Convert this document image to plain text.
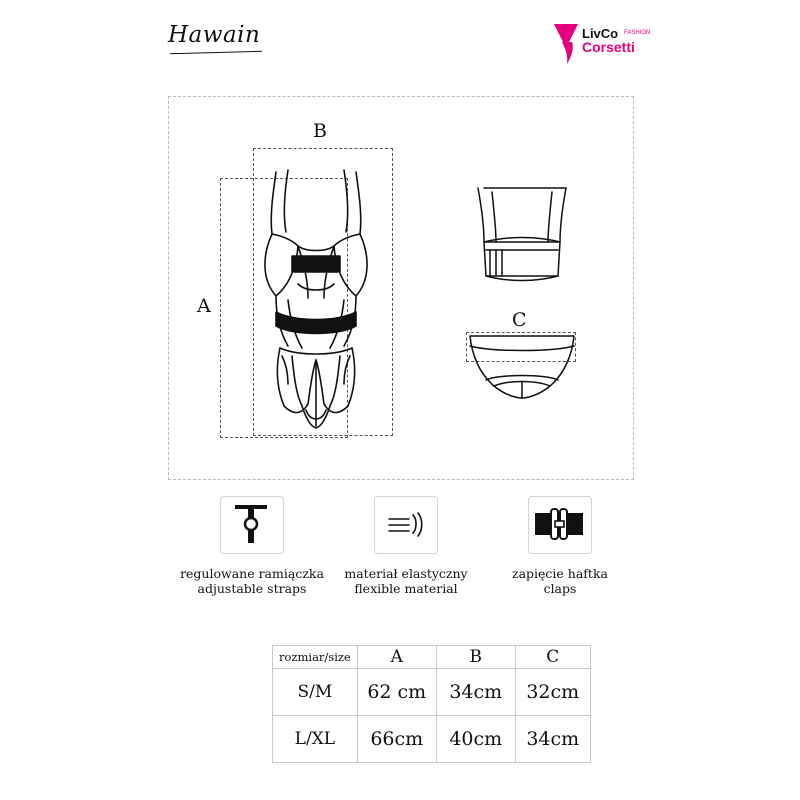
Hawain	LivCo FASHION
Corsetti
B
A
C
regulowane ramiączka
adjustable straps
materiał elastyczny
flexible material
zapięcie haftka
claps
rozmiar/size	A	B	C
S/M	62 cm	34cm	32cm
L/XL	66cm	40cm	34cm
